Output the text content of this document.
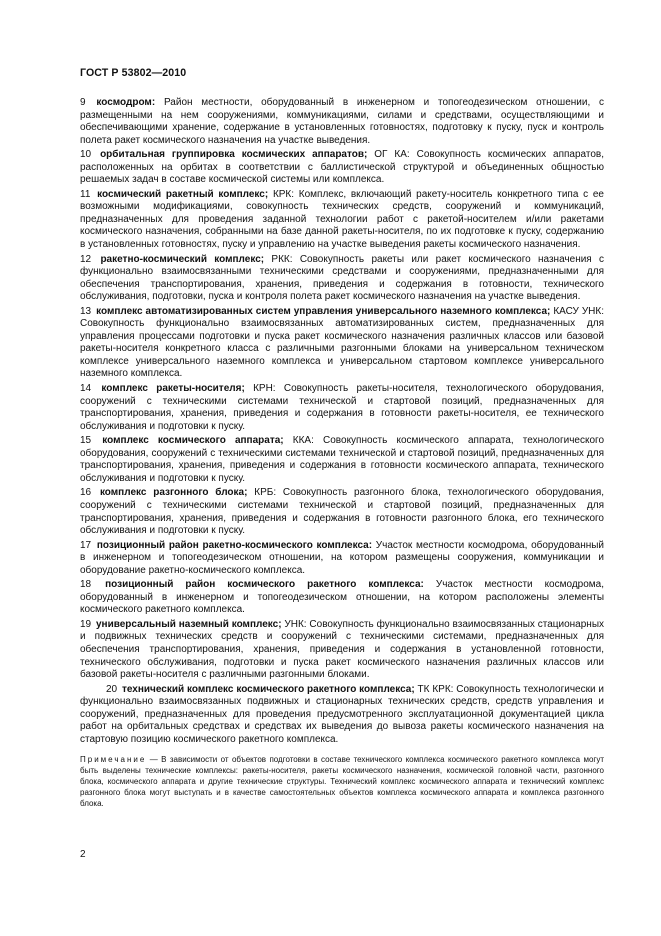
ГОСТ Р 53802—2010

9 космодром: Район местности, оборудованный в инженерном и топогеодезическом отношении, с размещенными на нем сооружениями, коммуникациями, силами и средствами, осуществляющими и обеспечивающими хранение, содержание в установленных готовностях, подготовку к пуску, пуск и контроль полета ракет космического назначения на участке выведения.

10 орбитальная группировка космических аппаратов; ОГ КА: Совокупность космических аппаратов, расположенных на орбитах в соответствии с баллистической структурой и объединенных общностью решаемых задач в составе космической системы или комплекса.

11 космический ракетный комплекс; КРК: Комплекс, включающий ракету-носитель конкретного типа с ее возможными модификациями, совокупность технических средств, сооружений и коммуникаций, предназначенных для проведения заданной технологии работ с ракетой-носителем и/или ракетами космического назначения, собранными на базе данной ракеты-носителя, по их подготовке к пуску, содержанию в установленных готовностях, пуску и управлению на участке выведения ракеты космического назначения.

12 ракетно-космический комплекс; РКК: Совокупность ракеты или ракет космического назначения с функционально взаимосвязанными техническими средствами и сооружениями, предназначенными для обеспечения транспортирования, хранения, приведения и содержания в готовности, технического обслуживания, подготовки, пуска и контроля полета ракет космического назначения на участке выведения.

13 комплекс автоматизированных систем управления универсального наземного комплекса; КАСУ УНК: Совокупность функционально взаимосвязанных автоматизированных систем, предназначенных для управления процессами подготовки и пуска ракет космического назначения различных классов или базовой ракеты-носителя конкретного класса с различными разгонными блоками на универсальном техническом комплексе универсального наземного комплекса и универсальном стартовом комплексе универсального наземного комплекса.

14 комплекс ракеты-носителя; КРН: Совокупность ракеты-носителя, технологического оборудования, сооружений с техническими системами технической и стартовой позиций, предназначенных для транспортирования, хранения, приведения и содержания в готовности ракеты-носителя, ее технического обслуживания и подготовки к пуску.

15 комплекс космического аппарата; ККА: Совокупность космического аппарата, технологического оборудования, сооружений с техническими системами технической и стартовой позиций, предназначенных для транспортирования, хранения, приведения и содержания в готовности космического аппарата, технического обслуживания и подготовки к пуску.

16 комплекс разгонного блока; КРБ: Совокупность разгонного блока, технологического оборудования, сооружений с техническими системами технической и стартовой позиций, предназначенных для транспортирования, хранения, приведения и содержания в готовности разгонного блока, его технического обслуживания и подготовки к пуску.

17 позиционный район ракетно-космического комплекса: Участок местности космодрома, оборудованный в инженерном и топогеодезическом отношении, на котором размещены сооружения, коммуникации и оборудование ракетно-космического комплекса.

18 позиционный район космического ракетного комплекса: Участок местности космодрома, оборудованный в инженерном и топогеодезическом отношении, на котором расположены элементы космического ракетного комплекса.

19 универсальный наземный комплекс; УНК: Совокупность функционально взаимосвязанных стационарных и подвижных технических средств и сооружений с техническими системами, предназначенных для обеспечения транспортирования, хранения, приведения и содержания в установленной готовности, технического обслуживания, подготовки и пуска ракет космического назначения различных классов или базовой ракеты-носителя с различными разгонными блоками.

20 технический комплекс космического ракетного комплекса; ТК КРК: Совокупность технологически и функционально взаимосвязанных подвижных и стационарных технических средств, средств управления и сооружений, предназначенных для проведения предусмотренного эксплуатационной документацией цикла работ на орбитальных средствах и средствах их выведения до вывоза ракеты космического назначения на стартовую позицию космического ракетного комплекса.

Примечание — В зависимости от объектов подготовки в составе технического комплекса космического ракетного комплекса могут быть выделены технические комплексы: ракеты-носителя, ракеты космического назначения, космической головной части, разгонного блока, космического аппарата и другие технические структуры. Технический комплекс космического аппарата и технический комплекс разгонного блока могут выступать и в качестве самостоятельных объектов комплекса космического аппарата и комплекса разгонного блока.

2
